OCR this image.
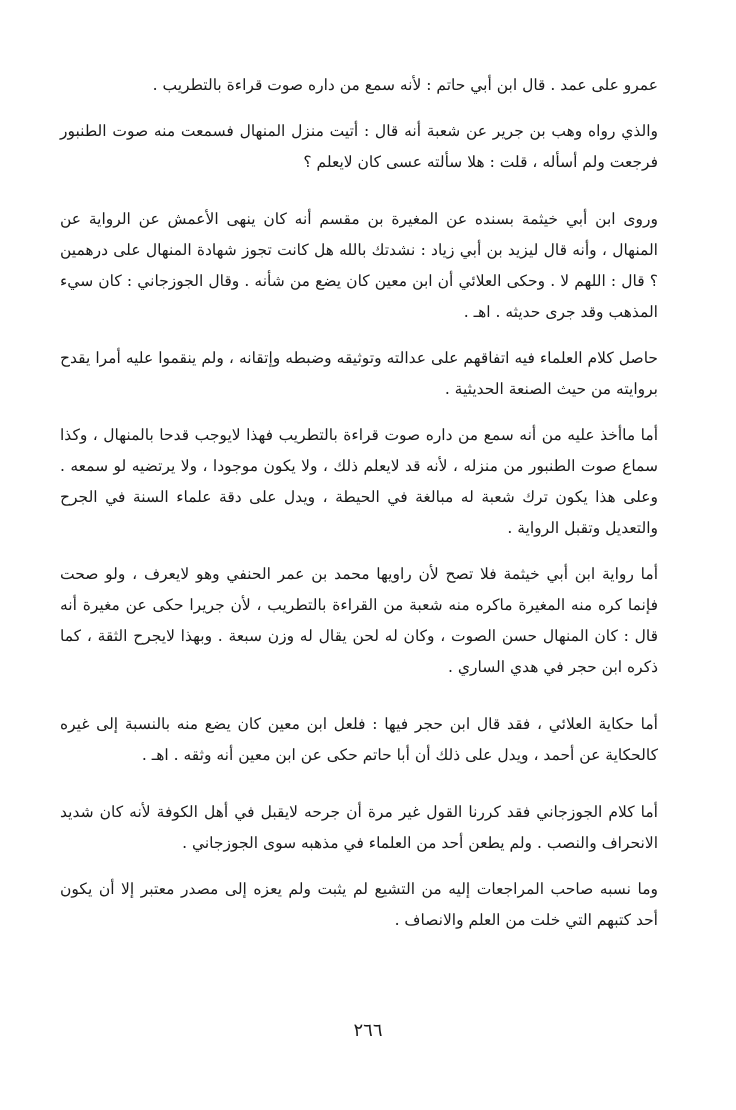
عمرو على عمد . قال ابن أبي حاتم : لأنه سمع من داره صوت قراءة بالتطريب .

والذي رواه وهب بن جرير عن شعبة أنه قال : أتيت منزل المنهال فسمعت منه صوت الطنبور فرجعت ولم أسأله ، قلت : هلا سألته عسى كان لايعلم ؟

وروى ابن أبي خيثمة بسنده عن المغيرة بن مقسم أنه كان ينهى الأعمش عن الرواية عن المنهال ، وأنه قال ليزيد بن أبي زياد : نشدتك بالله هل كانت تجوز شهادة المنهال على درهمين ؟ قال : اللهم لا . وحكى العلائي أن ابن معين كان يضع من شأنه . وقال الجوزجاني : كان سيء المذهب وقد جرى حديثه . اهـ .

حاصل كلام العلماء فيه اتفاقهم على عدالته وتوثيقه وضبطه وإتقانه ، ولم ينقموا عليه أمرا يقدح بروايته من حيث الصنعة الحديثية .

أما ماأخذ عليه من أنه سمع من داره صوت قراءة بالتطريب فهذا لايوجب قدحا بالمنهال ، وكذا سماع صوت الطنبور من منزله ، لأنه قد لايعلم ذلك ، ولا يكون موجودا ، ولا يرتضيه لو سمعه . وعلى هذا يكون ترك شعبة له مبالغة في الحيطة ، ويدل على دقة علماء السنة في الجرح والتعديل وتقبل الرواية .

أما رواية ابن أبي خيثمة فلا تصح لأن راويها محمد بن عمر الحنفي وهو لايعرف ، ولو صحت فإنما كره منه المغيرة ماكره منه شعبة من القراءة بالتطريب ، لأن جريرا حكى عن مغيرة أنه قال : كان المنهال حسن الصوت ، وكان له لحن يقال له وزن سبعة . وبهذا لايجرح الثقة ، كما ذكره ابن حجر في هدي الساري .

أما حكاية العلائي ، فقد قال ابن حجر فيها : فلعل ابن معين كان يضع منه بالنسبة إلى غيره كالحكاية عن أحمد ، ويدل على ذلك أن أبا حاتم حكى عن ابن معين أنه وثقه . اهـ .

أما كلام الجوزجاني فقد كررنا القول غير مرة أن جرحه لايقبل في أهل الكوفة لأنه كان شديد الانحراف والنصب . ولم يطعن أحد من العلماء في مذهبه سوى الجوزجاني .

وما نسبه صاحب المراجعات إليه من التشيع لم يثبت ولم يعزه إلى مصدر معتبر إلا أن يكون أحد كتبهم التي خلت من العلم والانصاف .

٢٦٦
